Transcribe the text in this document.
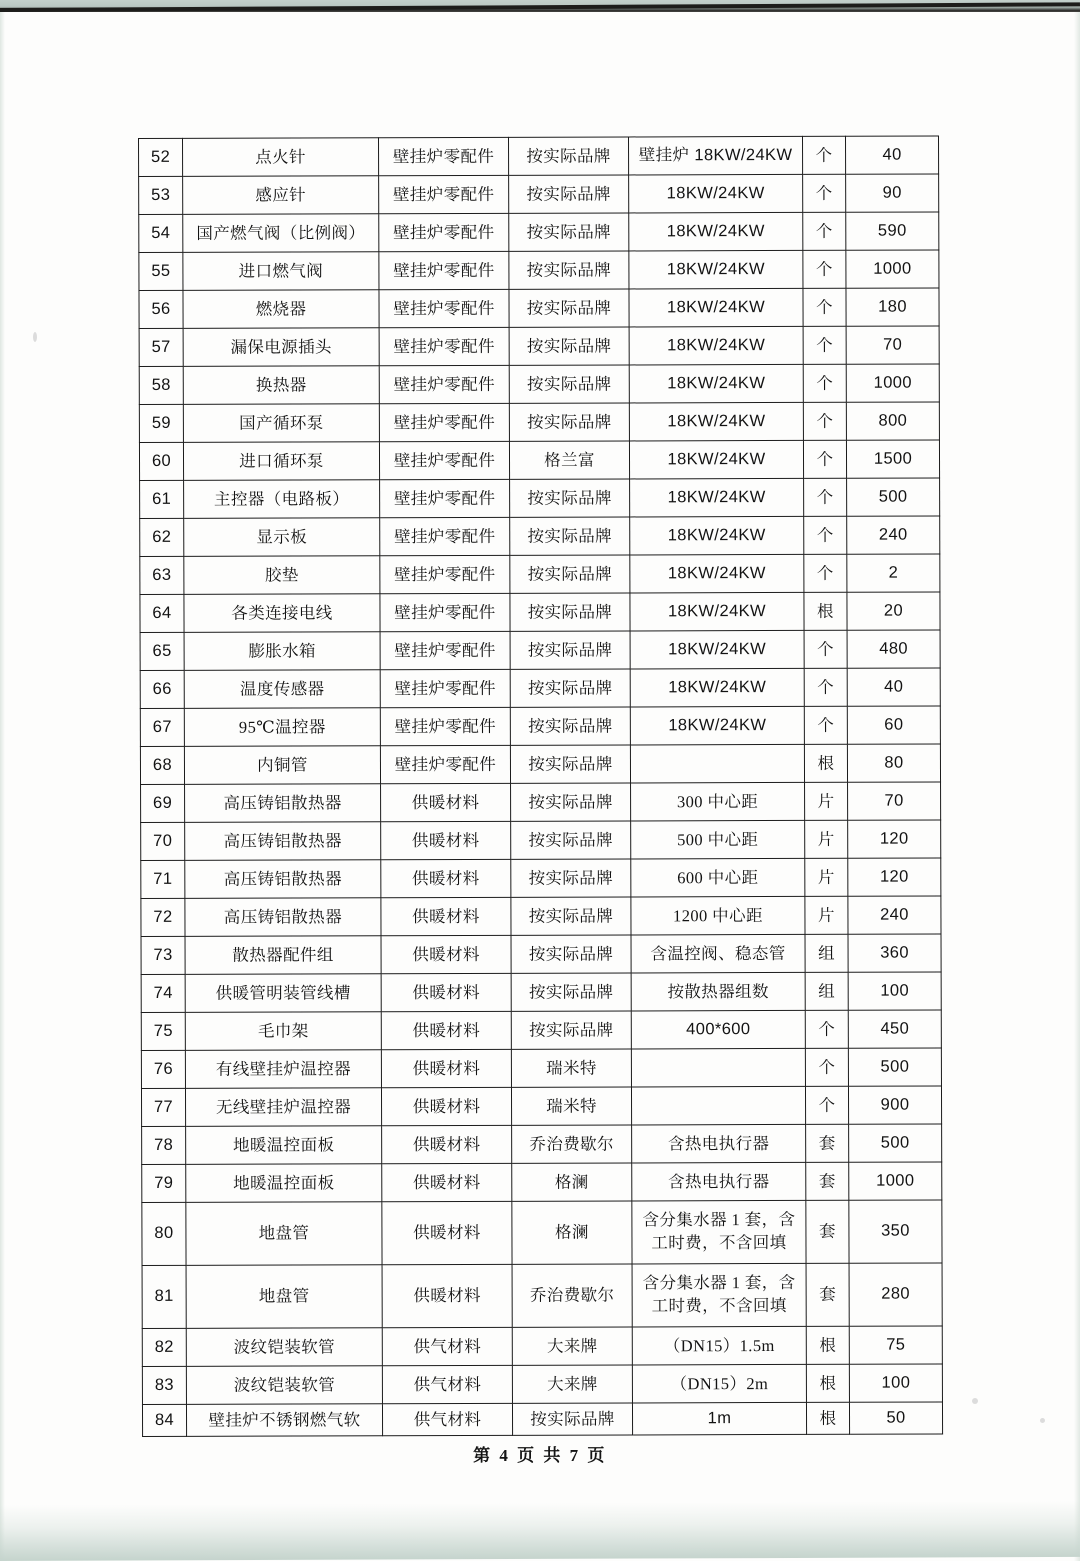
52	点火针	壁挂炉零配件	按实际品牌	壁挂炉 18KW/24KW	个	40
53	感应针	壁挂炉零配件	按实际品牌	18KW/24KW	个	90
54	国产燃气阀（比例阀）	壁挂炉零配件	按实际品牌	18KW/24KW	个	590
55	进口燃气阀	壁挂炉零配件	按实际品牌	18KW/24KW	个	1000
56	燃烧器	壁挂炉零配件	按实际品牌	18KW/24KW	个	180
57	漏保电源插头	壁挂炉零配件	按实际品牌	18KW/24KW	个	70
58	换热器	壁挂炉零配件	按实际品牌	18KW/24KW	个	1000
59	国产循环泵	壁挂炉零配件	按实际品牌	18KW/24KW	个	800
60	进口循环泵	壁挂炉零配件	格兰富	18KW/24KW	个	1500
61	主控器（电路板）	壁挂炉零配件	按实际品牌	18KW/24KW	个	500
62	显示板	壁挂炉零配件	按实际品牌	18KW/24KW	个	240
63	胶垫	壁挂炉零配件	按实际品牌	18KW/24KW	个	2
64	各类连接电线	壁挂炉零配件	按实际品牌	18KW/24KW	根	20
65	膨胀水箱	壁挂炉零配件	按实际品牌	18KW/24KW	个	480
66	温度传感器	壁挂炉零配件	按实际品牌	18KW/24KW	个	40
67	95℃温控器	壁挂炉零配件	按实际品牌	18KW/24KW	个	60
68	内铜管	壁挂炉零配件	按实际品牌		根	80
69	高压铸铝散热器	供暖材料	按实际品牌	300 中心距	片	70
70	高压铸铝散热器	供暖材料	按实际品牌	500 中心距	片	120
71	高压铸铝散热器	供暖材料	按实际品牌	600 中心距	片	120
72	高压铸铝散热器	供暖材料	按实际品牌	1200 中心距	片	240
73	散热器配件组	供暖材料	按实际品牌	含温控阀、稳态管	组	360
74	供暖管明装管线槽	供暖材料	按实际品牌	按散热器组数	组	100
75	毛巾架	供暖材料	按实际品牌	400*600	个	450
76	有线壁挂炉温控器	供暖材料	瑞米特		个	500
77	无线壁挂炉温控器	供暖材料	瑞米特		个	900
78	地暖温控面板	供暖材料	乔治费歇尔	含热电执行器	套	500
79	地暖温控面板	供暖材料	格澜	含热电执行器	套	1000
80	地盘管	供暖材料	格澜	含分集水器 1 套，含
工时费，不含回填	套	350
81	地盘管	供暖材料	乔治费歇尔	含分集水器 1 套，含
工时费，不含回填	套	280
82	波纹铠装软管	供气材料	大来牌	（DN15）1.5m	根	75
83	波纹铠装软管	供气材料	大来牌	（DN15）2m	根	100
84	壁挂炉不锈钢燃气软	供气材料	按实际品牌	1m	根	50
第 4 页 共 7 页
